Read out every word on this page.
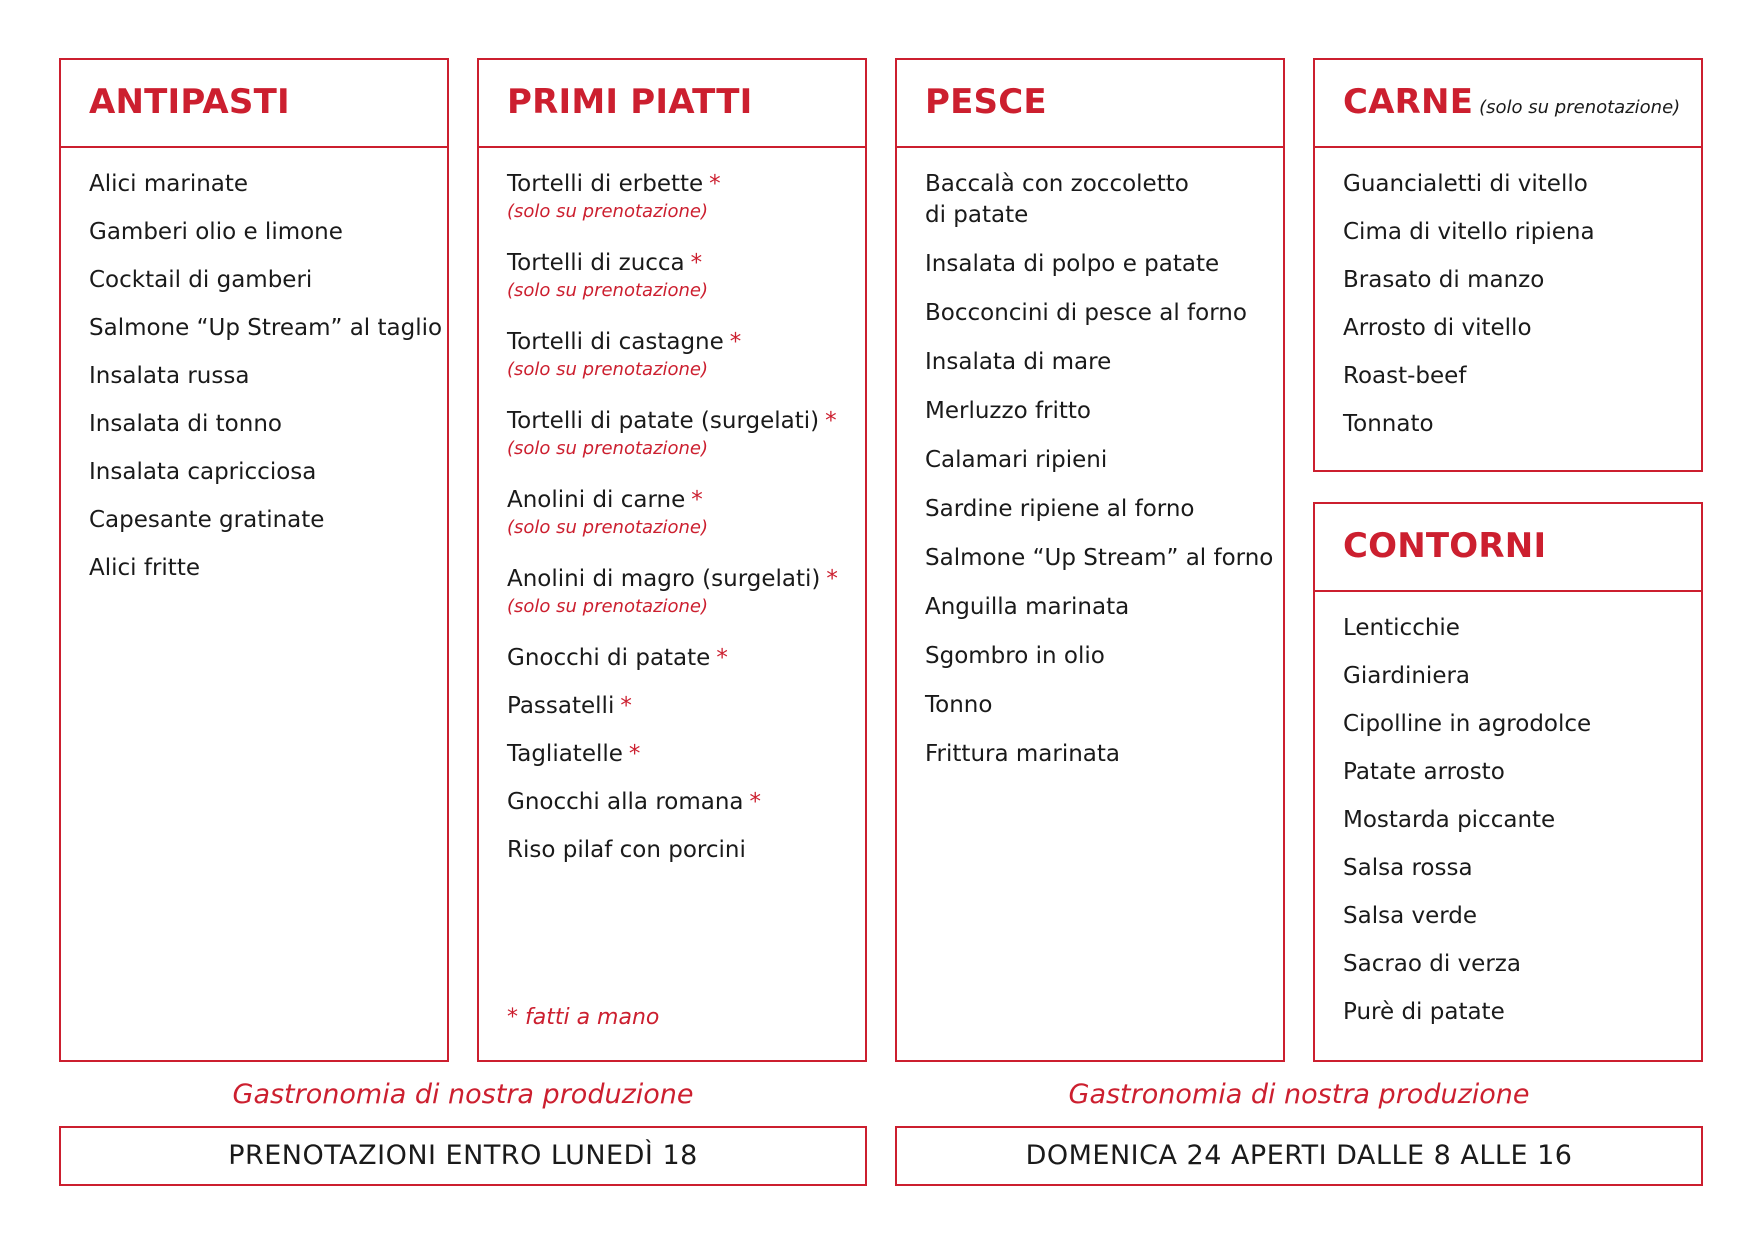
ANTIPASTI
Alici marinate
Gamberi olio e limone
Cocktail di gamberi
Salmone “Up Stream” al taglio
Insalata russa
Insalata di tonno
Insalata capricciosa
Capesante gratinate
Alici fritte
PRIMI PIATTI
Tortelli di erbette *
(solo su prenotazione)
Tortelli di zucca *
(solo su prenotazione)
Tortelli di castagne *
(solo su prenotazione)
Tortelli di patate (surgelati) *
(solo su prenotazione)
Anolini di carne *
(solo su prenotazione)
Anolini di magro (surgelati) *
(solo su prenotazione)
Gnocchi di patate *
Passatelli *
Tagliatelle *
Gnocchi alla romana *
Riso pilaf con porcini

* fatti a mano

PESCE
Baccalà con zoccoletto
di patate
Insalata di polpo e patate
Bocconcini di pesce al forno
Insalata di mare
Merluzzo fritto
Calamari ripieni
Sardine ripiene al forno
Salmone “Up Stream” al forno
Anguilla marinata
Sgombro in olio
Tonno
Frittura marinata
CARNE (solo su prenotazione)
Guancialetti di vitello
Cima di vitello ripiena
Brasato di manzo
Arrosto di vitello
Roast-beef
Tonnato
CONTORNI
Lenticchie
Giardiniera
Cipolline in agrodolce
Patate arrosto
Mostarda piccante
Salsa rossa
Salsa verde
Sacrao di verza
Purè di patate

Gastronomia di nostra produzione	Gastronomia di nostra produzione

PRENOTAZIONI ENTRO LUNEDÌ 18	DOMENICA 24 APERTI DALLE 8 ALLE 16
